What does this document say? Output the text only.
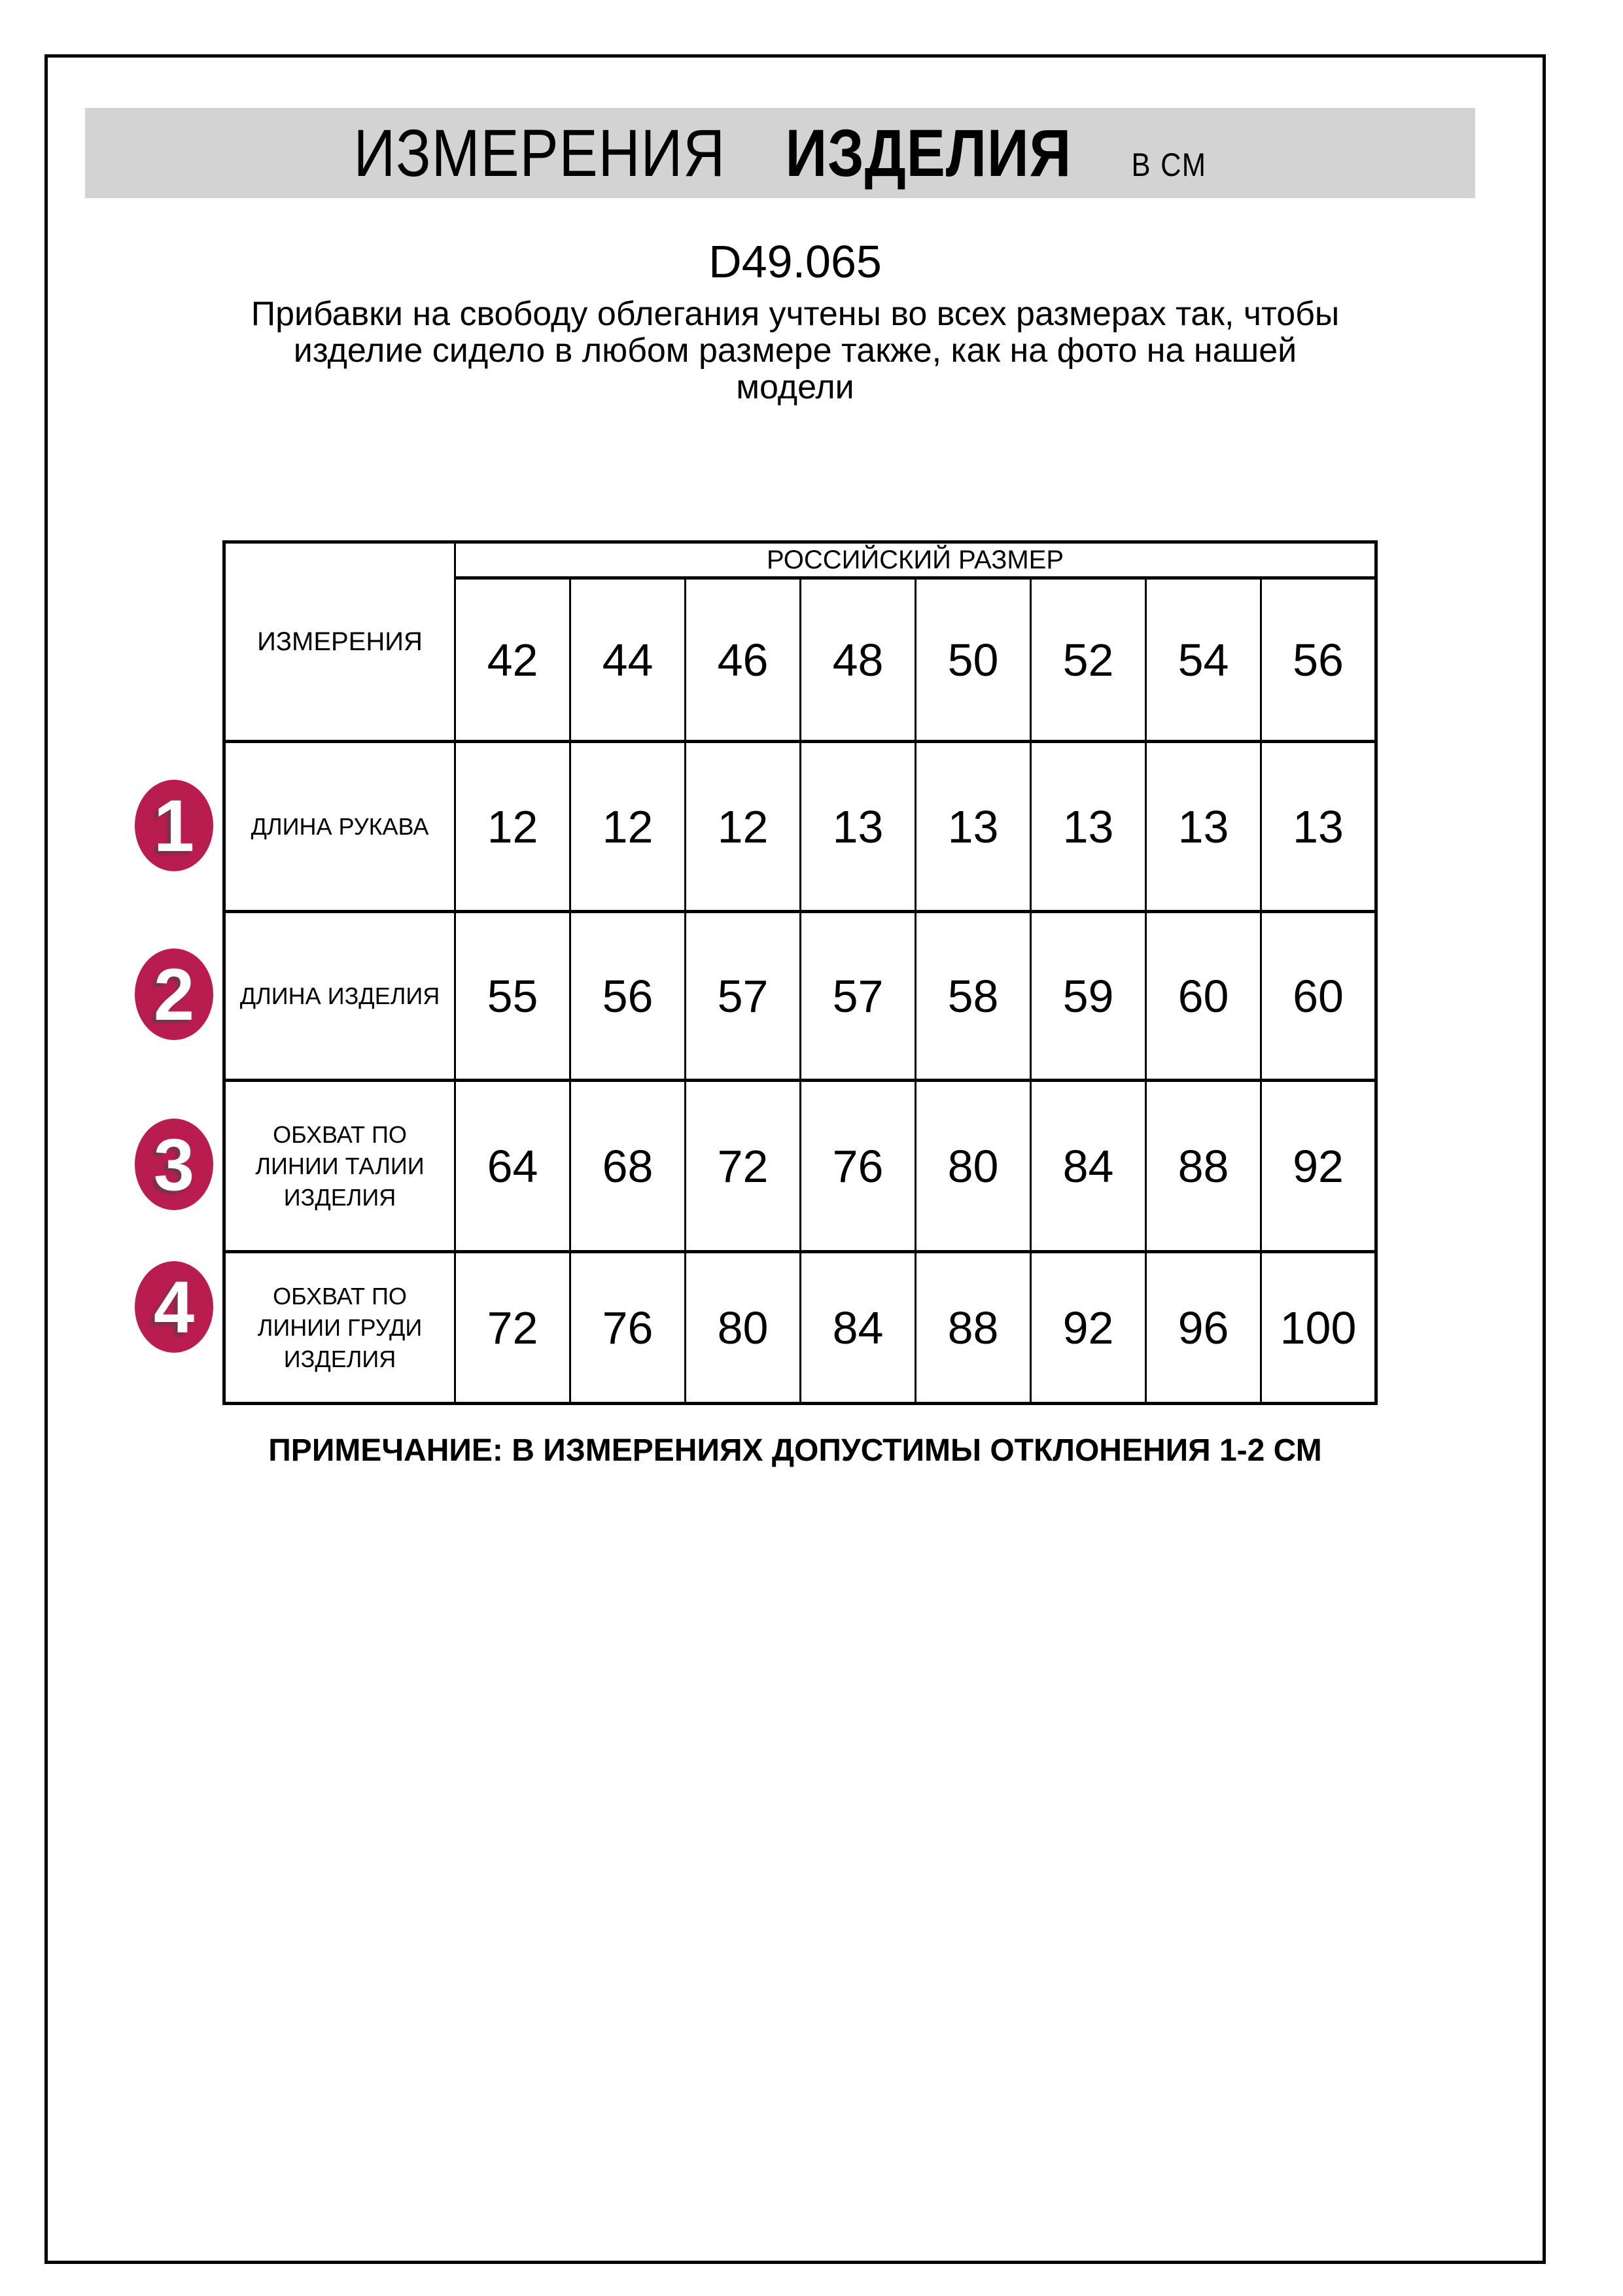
ИЗМЕРЕНИЯ ИЗДЕЛИЯ В СМ
D49.065
Прибавки на свободу облегания учтены во всех размерах так, чтобы
изделие сидело в любом размере также, как на фото на нашей
модели
ИЗМЕРЕНИЯ	РОССИЙСКИЙ РАЗМЕР							
	42	44	46	48	50	52	54	56
ДЛИНА РУКАВА	12	12	12	13	13	13	13	13
ДЛИНА ИЗДЕЛИЯ	55	56	57	57	58	59	60	60
ОБХВАТ ПО ЛИНИИ ТАЛИИ ИЗДЕЛИЯ	64	68	72	76	80	84	88	92
ОБХВАТ ПО ЛИНИИ ГРУДИ ИЗДЕЛИЯ	72	76	80	84	88	92	96	100
1
2
3
4
ПРИМЕЧАНИЕ: В ИЗМЕРЕНИЯХ ДОПУСТИМЫ ОТКЛОНЕНИЯ 1-2 СМ
